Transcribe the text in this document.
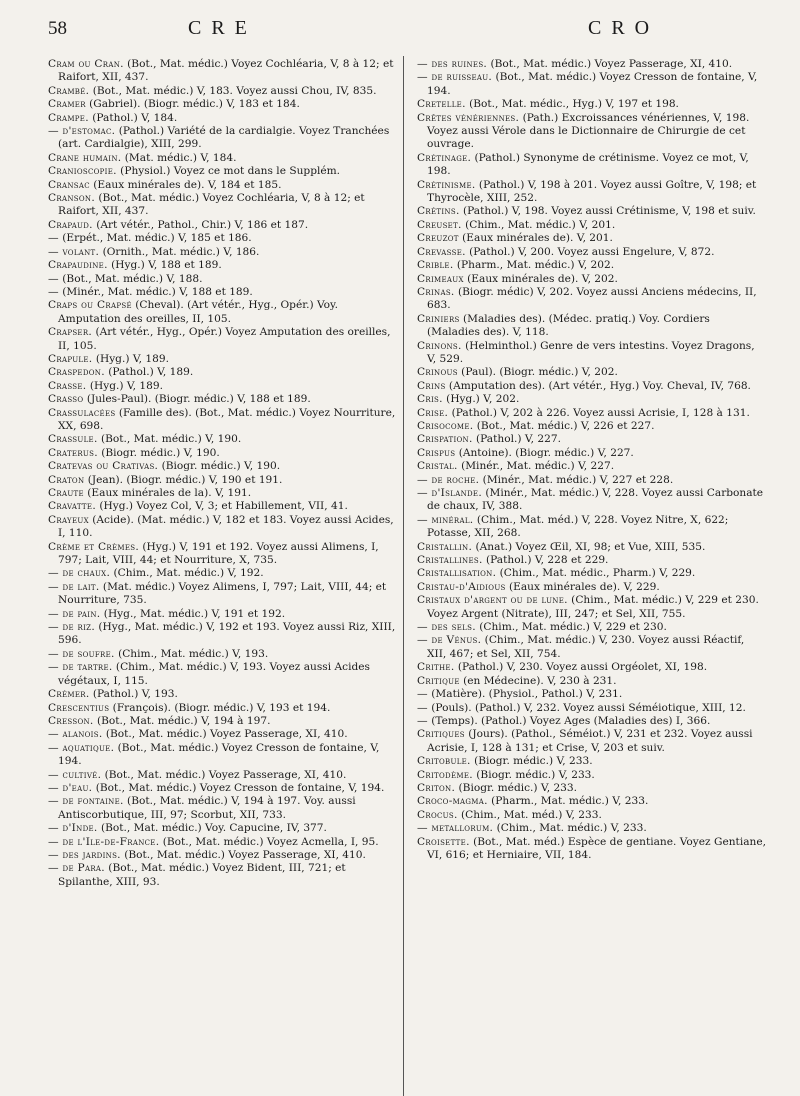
58	CRE	CRO

Cram ou Cran. (Bot., Mat. médic.) Voyez Cochléaria, V, 8 à 12; et Raifort, XII, 437.

Crambé. (Bot., Mat. médic.) V, 183. Voyez aussi Chou, IV, 835.

Cramer (Gabriel). (Biogr. médic.) V, 183 et 184.

Crampe. (Pathol.) V, 184.

— d'estomac. (Pathol.) Variété de la cardialgie. Voyez Tranchées (art. Cardialgie), XIII, 299.

Crane humain. (Mat. médic.) V, 184.

Cranioscopie. (Physiol.) Voyez ce mot dans le Supplém.

Cransac (Eaux minérales de). V, 184 et 185.

Cranson. (Bot., Mat. médic.) Voyez Cochléaria, V, 8 à 12; et Raifort, XII, 437.

Crapaud. (Art vétér., Pathol., Chir.) V, 186 et 187.

— (Erpét., Mat. médic.) V, 185 et 186.

— volant. (Ornith., Mat. médic.) V, 186.

Crapaudine. (Hyg.) V, 188 et 189.

— (Bot., Mat. médic.) V, 188.

— (Minér., Mat. médic.) V, 188 et 189.

Craps ou Crapsé (Cheval). (Art vétér., Hyg., Opér.) Voy. Amputation des oreilles, II, 105.

Crapser. (Art vétér., Hyg., Opér.) Voyez Amputation des oreilles, II, 105.

Crapule. (Hyg.) V, 189.

Craspedon. (Pathol.) V, 189.

Crasse. (Hyg.) V, 189.

Crasso (Jules-Paul). (Biogr. médic.) V, 188 et 189.

Crassulacées (Famille des). (Bot., Mat. médic.) Voyez Nourriture, XX, 698.

Crassule. (Bot., Mat. médic.) V, 190.

Craterus. (Biogr. médic.) V, 190.

Cratevas ou Crativas. (Biogr. médic.) V, 190.

Craton (Jean). (Biogr. médic.) V, 190 et 191.

Craute (Eaux minérales de la). V, 191.

Cravatte. (Hyg.) Voyez Col, V, 3; et Habillement, VII, 41.

Crayeux (Acide). (Mat. médic.) V, 182 et 183. Voyez aussi Acides, I, 110.

Crème et Crèmes. (Hyg.) V, 191 et 192. Voyez aussi Alimens, I, 797; Lait, VIII, 44; et Nourriture, X, 735.

— de chaux. (Chim., Mat. médic.) V, 192.

— de lait. (Mat. médic.) Voyez Alimens, I, 797; Lait, VIII, 44; et Nourriture, 735.

— de pain. (Hyg., Mat. médic.) V, 191 et 192.

— de riz. (Hyg., Mat. médic.) V, 192 et 193. Voyez aussi Riz, XIII, 596.

— de soufre. (Chim., Mat. médic.) V, 193.

— de tartre. (Chim., Mat. médic.) V, 193. Voyez aussi Acides végétaux, I, 115.

Crémer. (Pathol.) V, 193.

Crescentius (François). (Biogr. médic.) V, 193 et 194.

Cresson. (Bot., Mat. médic.) V, 194 à 197.

— alanois. (Bot., Mat. médic.) Voyez Passerage, XI, 410.

— aquatique. (Bot., Mat. médic.) Voyez Cresson de fontaine, V, 194.

— cultivé. (Bot., Mat. médic.) Voyez Passerage, XI, 410.

— d'eau. (Bot., Mat. médic.) Voyez Cresson de fontaine, V, 194.

— de fontaine. (Bot., Mat. médic.) V, 194 à 197. Voy. aussi Antiscorbutique, III, 97; Scorbut, XII, 733.

— d'Inde. (Bot., Mat. médic.) Voy. Capucine, IV, 377.

— de l'Ile-de-France. (Bot., Mat. médic.) Voyez Acmella, I, 95.

— des jardins. (Bot., Mat. médic.) Voyez Passerage, XI, 410.

— de Para. (Bot., Mat. médic.) Voyez Bident, III, 721; et Spilanthe, XIII, 93.

— des ruines. (Bot., Mat. médic.) Voyez Passerage, XI, 410.

— de ruisseau. (Bot., Mat. médic.) Voyez Cresson de fontaine, V, 194.

Cretelle. (Bot., Mat. médic., Hyg.) V, 197 et 198.

Crêtes vénériennes. (Path.) Excroissances vénériennes, V, 198. Voyez aussi Vérole dans le Dictionnaire de Chirurgie de cet ouvrage.

Crétinage. (Pathol.) Synonyme de crétinisme. Voyez ce mot, V, 198.

Crétinisme. (Pathol.) V, 198 à 201. Voyez aussi Goître, V, 198; et Thyrocèle, XIII, 252.

Crétins. (Pathol.) V, 198. Voyez aussi Crétinisme, V, 198 et suiv.

Creuset. (Chim., Mat. médic.) V, 201.

Creuzot (Eaux minérales de). V, 201.

Crevasse. (Pathol.) V, 200. Voyez aussi Engelure, V, 872.

Crible. (Pharm., Mat. médic.) V, 202.

Crimeaux (Eaux minérales de). V, 202.

Crinas. (Biogr. médic) V, 202. Voyez aussi Anciens médecins, II, 683.

Criniers (Maladies des). (Médec. pratiq.) Voy. Cordiers (Maladies des). V, 118.

Crinons. (Helminthol.) Genre de vers intestins. Voyez Dragons, V, 529.

Crinous (Paul). (Biogr. médic.) V, 202.

Crins (Amputation des). (Art vétér., Hyg.) Voy. Cheval, IV, 768.

Cris. (Hyg.) V, 202.

Crise. (Pathol.) V, 202 à 226. Voyez aussi Acrisie, I, 128 à 131.

Crisocome. (Bot., Mat. médic.) V, 226 et 227.

Crispation. (Pathol.) V, 227.

Crispus (Antoine). (Biogr. médic.) V, 227.

Cristal. (Minér., Mat. médic.) V, 227.

— de roche. (Minér., Mat. médic.) V, 227 et 228.

— d'Islande. (Minér., Mat. médic.) V, 228. Voyez aussi Carbonate de chaux, IV, 388.

— minéral. (Chim., Mat. méd.) V, 228. Voyez Nitre, X, 622; Potasse, XII, 268.

Cristallin. (Anat.) Voyez Œil, XI, 98; et Vue, XIII, 535.

Cristallines. (Pathol.) V, 228 et 229.

Cristallisation. (Chim., Mat. médic., Pharm.) V, 229.

Cristau-d'Aidious (Eaux minérales de). V, 229.

Cristaux d'argent ou de lune. (Chim., Mat. médic.) V, 229 et 230. Voyez Argent (Nitrate), III, 247; et Sel, XII, 755.

— des sels. (Chim., Mat. médic.) V, 229 et 230.

— de Vénus. (Chim., Mat. médic.) V, 230. Voyez aussi Réactif, XII, 467; et Sel, XII, 754.

Crithe. (Pathol.) V, 230. Voyez aussi Orgéolet, XI, 198.

Critique (en Médecine). V, 230 à 231.

— (Matière). (Physiol., Pathol.) V, 231.

— (Pouls). (Pathol.) V, 232. Voyez aussi Séméiotique, XIII, 12.

— (Temps). (Pathol.) Voyez Ages (Maladies des) I, 366.

Critiques (Jours). (Pathol., Séméiot.) V, 231 et 232. Voyez aussi Acrisie, I, 128 à 131; et Crise, V, 203 et suiv.

Critobule. (Biogr. médic.) V, 233.

Critodème. (Biogr. médic.) V, 233.

Criton. (Biogr. médic.) V, 233.

Croco-magma. (Pharm., Mat. médic.) V, 233.

Crocus. (Chim., Mat. méd.) V, 233.

— metallorum. (Chim., Mat. médic.) V, 233.

Croisette. (Bot., Mat. méd.) Espèce de gentiane. Voyez Gentiane, VI, 616; et Herniaire, VII, 184.
